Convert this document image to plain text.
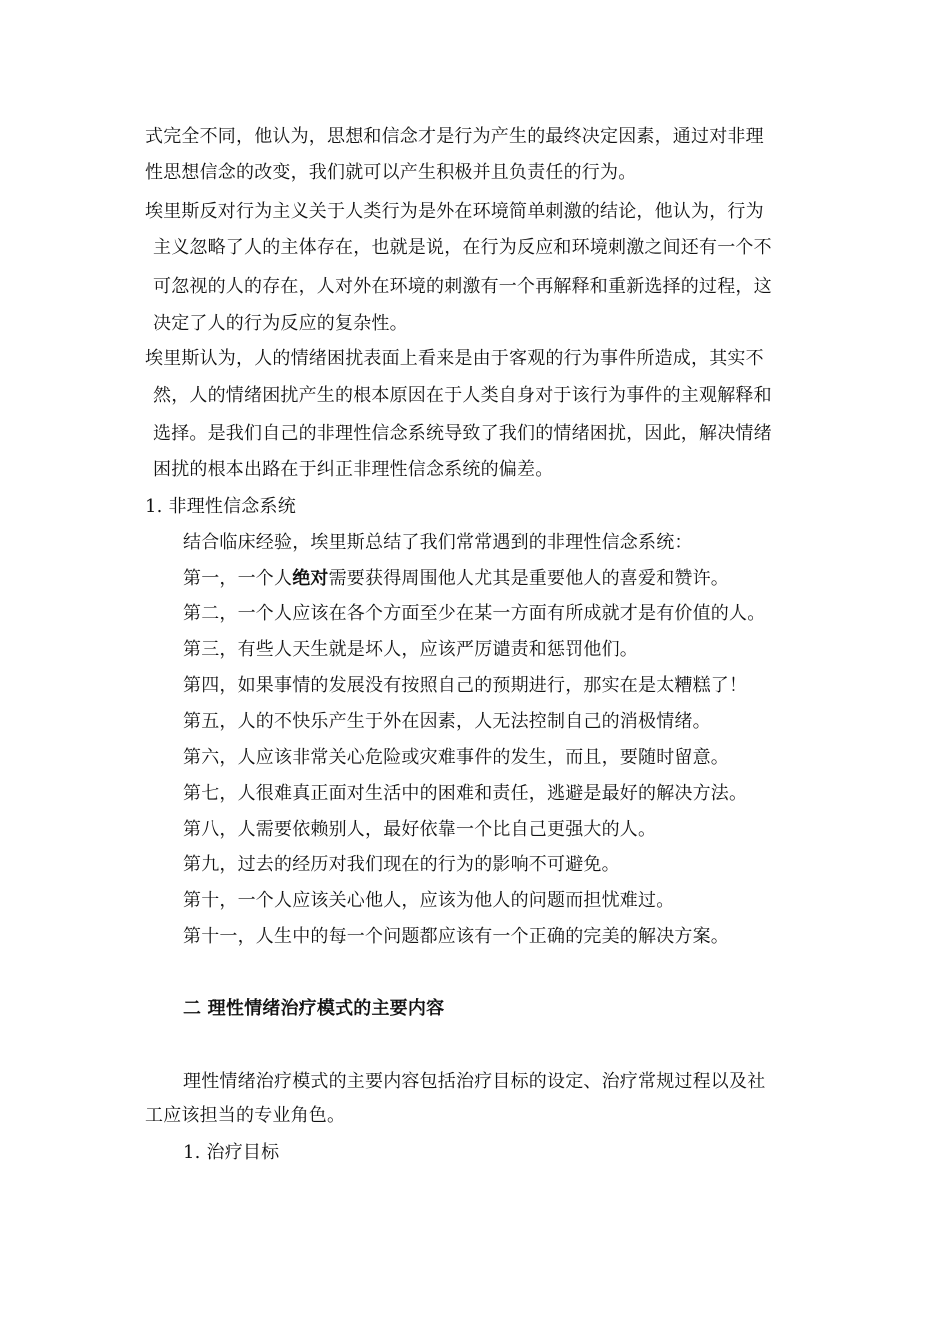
式完全不同，他认为，思想和信念才是行为产生的最终决定因素，通过对非理
性思想信念的改变，我们就可以产生积极并且负责任的行为。
埃里斯反对行为主义关于人类行为是外在环境简单刺激的结论，他认为，行为
主义忽略了人的主体存在，也就是说，在行为反应和环境刺激之间还有一个不
可忽视的人的存在，人对外在环境的刺激有一个再解释和重新选择的过程，这
决定了人的行为反应的复杂性。
埃里斯认为，人的情绪困扰表面上看来是由于客观的行为事件所造成，其实不
然，人的情绪困扰产生的根本原因在于人类自身对于该行为事件的主观解释和
选择。是我们自己的非理性信念系统导致了我们的情绪困扰，因此，解决情绪
困扰的根本出路在于纠正非理性信念系统的偏差。
1. 非理性信念系统
结合临床经验，埃里斯总结了我们常常遇到的非理性信念系统：
第一，一个人绝对需要获得周围他人尤其是重要他人的喜爱和赞许。
第二，一个人应该在各个方面至少在某一方面有所成就才是有价值的人。
第三，有些人天生就是坏人，应该严厉谴责和惩罚他们。
第四，如果事情的发展没有按照自己的预期进行，那实在是太糟糕了！
第五，人的不快乐产生于外在因素，人无法控制自己的消极情绪。
第六，人应该非常关心危险或灾难事件的发生，而且，要随时留意。
第七，人很难真正面对生活中的困难和责任，逃避是最好的解决方法。
第八，人需要依赖别人，最好依靠一个比自己更强大的人。
第九，过去的经历对我们现在的行为的影响不可避免。
第十，一个人应该关心他人，应该为他人的问题而担忧难过。
第十一，人生中的每一个问题都应该有一个正确的完美的解决方案。
二 理性情绪治疗模式的主要内容
理性情绪治疗模式的主要内容包括治疗目标的设定、治疗常规过程以及社
工应该担当的专业角色。
1. 治疗目标
